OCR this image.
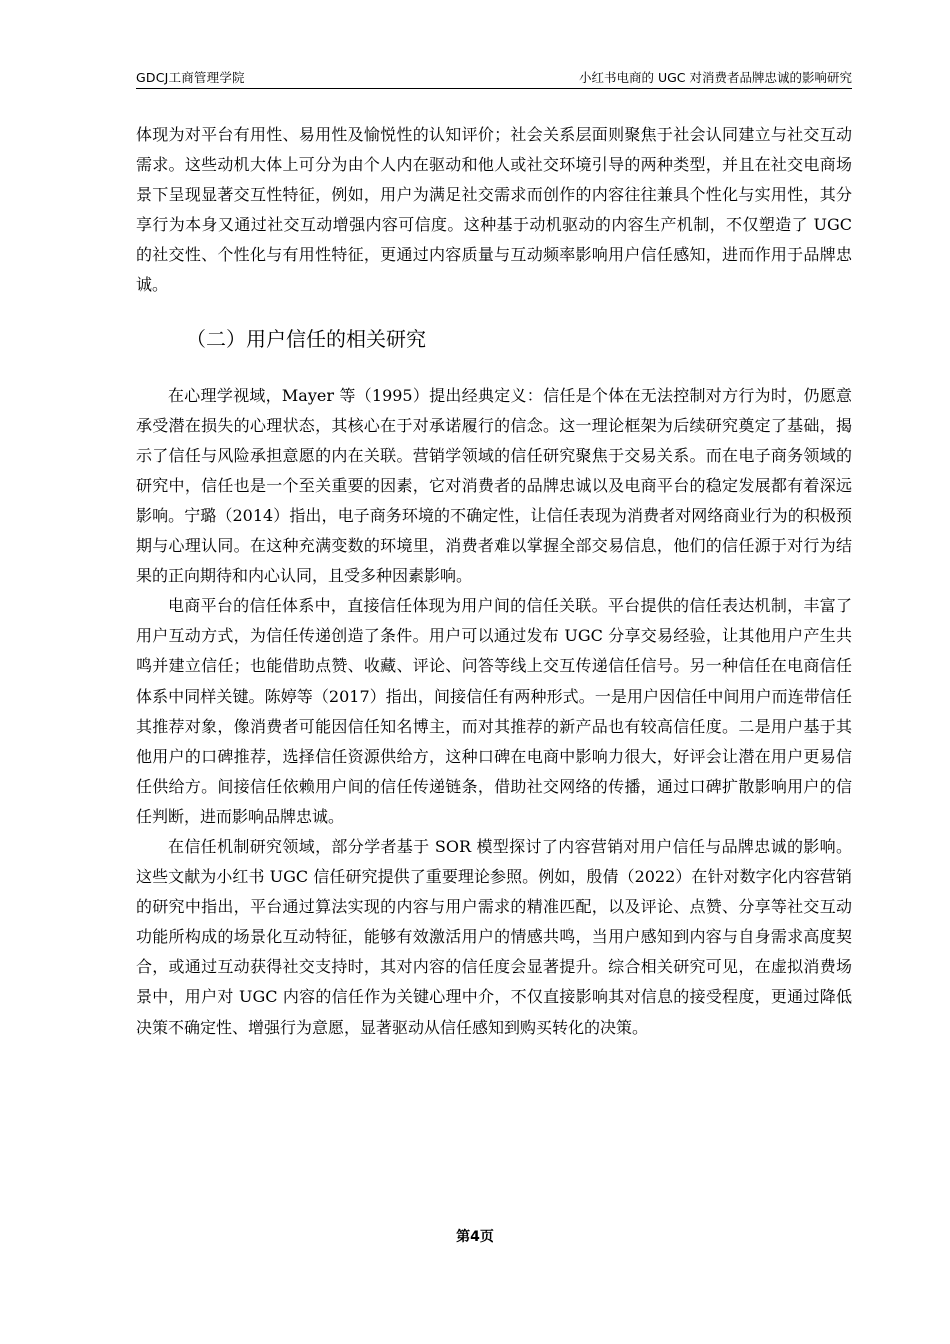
GDCJ工商管理学院	小红书电商的 UGC 对消费者品牌忠诚的影响研究

体现为对平台有用性、易用性及愉悦性的认知评价；社会关系层面则聚焦于社会认同建立与社交互动需求。这些动机大体上可分为由个人内在驱动和他人或社交环境引导的两种类型，并且在社交电商场景下呈现显著交互性特征，例如，用户为满足社交需求而创作的内容往往兼具个性化与实用性，其分享行为本身又通过社交互动增强内容可信度。这种基于动机驱动的内容生产机制，不仅塑造了 UGC 的社交性、个性化与有用性特征，更通过内容质量与互动频率影响用户信任感知，进而作用于品牌忠诚。

（二）用户信任的相关研究

在心理学视域，Mayer 等（1995）提出经典定义：信任是个体在无法控制对方行为时，仍愿意承受潜在损失的心理状态，其核心在于对承诺履行的信念。这一理论框架为后续研究奠定了基础，揭示了信任与风险承担意愿的内在关联。营销学领域的信任研究聚焦于交易关系。而在电子商务领域的研究中，信任也是一个至关重要的因素，它对消费者的品牌忠诚以及电商平台的稳定发展都有着深远影响。宁璐（2014）指出，电子商务环境的不确定性，让信任表现为消费者对网络商业行为的积极预期与心理认同。在这种充满变数的环境里，消费者难以掌握全部交易信息，他们的信任源于对行为结果的正向期待和内心认同，且受多种因素影响。

电商平台的信任体系中，直接信任体现为用户间的信任关联。平台提供的信任表达机制，丰富了用户互动方式，为信任传递创造了条件。用户可以通过发布 UGC 分享交易经验，让其他用户产生共鸣并建立信任；也能借助点赞、收藏、评论、问答等线上交互传递信任信号。另一种信任在电商信任体系中同样关键。陈婷等（2017）指出，间接信任有两种形式。一是用户因信任中间用户而连带信任其推荐对象，像消费者可能因信任知名博主，而对其推荐的新产品也有较高信任度。二是用户基于其他用户的口碑推荐，选择信任资源供给方，这种口碑在电商中影响力很大，好评会让潜在用户更易信任供给方。间接信任依赖用户间的信任传递链条，借助社交网络的传播，通过口碑扩散影响用户的信任判断，进而影响品牌忠诚。

在信任机制研究领域，部分学者基于 SOR 模型探讨了内容营销对用户信任与品牌忠诚的影响。这些文献为小红书 UGC 信任研究提供了重要理论参照。例如，殷倩（2022）在针对数字化内容营销的研究中指出，平台通过算法实现的内容与用户需求的精准匹配，以及评论、点赞、分享等社交互动功能所构成的场景化互动特征，能够有效激活用户的情感共鸣，当用户感知到内容与自身需求高度契合，或通过互动获得社交支持时，其对内容的信任度会显著提升。综合相关研究可见，在虚拟消费场景中，用户对 UGC 内容的信任作为关键心理中介，不仅直接影响其对信息的接受程度，更通过降低决策不确定性、增强行为意愿，显著驱动从信任感知到购买转化的决策。

第4页
